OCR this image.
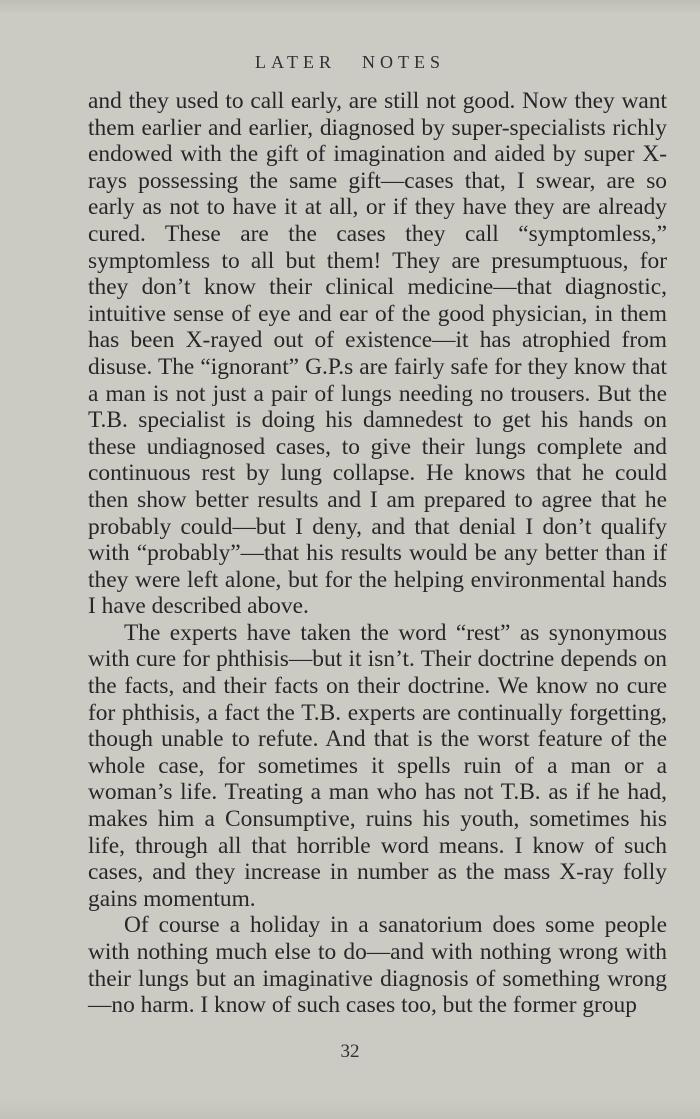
LATER NOTES

and they used to call early, are still not good. Now they want them earlier and earlier, diagnosed by super-specialists richly endowed with the gift of imagination and aided by super X-rays possessing the same gift—cases that, I swear, are so early as not to have it at all, or if they have they are already cured. These are the cases they call “symptomless,” symptomless to all but them! They are presumptuous, for they don’t know their clinical medicine—that diagnostic, intuitive sense of eye and ear of the good physician, in them has been X-rayed out of existence—it has atrophied from disuse. The “ignorant” G.P.s are fairly safe for they know that a man is not just a pair of lungs needing no trousers. But the T.B. specialist is doing his damnedest to get his hands on these undiagnosed cases, to give their lungs complete and continuous rest by lung collapse. He knows that he could then show better results and I am prepared to agree that he probably could—but I deny, and that denial I don’t qualify with “probably”—that his results would be any better than if they were left alone, but for the helping environmental hands I have described above.

The experts have taken the word “rest” as synonymous with cure for phthisis—but it isn’t. Their doctrine depends on the facts, and their facts on their doctrine. We know no cure for phthisis, a fact the T.B. experts are continually forgetting, though unable to refute. And that is the worst feature of the whole case, for sometimes it spells ruin of a man or a woman’s life. Treating a man who has not T.B. as if he had, makes him a Consumptive, ruins his youth, sometimes his life, through all that horrible word means. I know of such cases, and they increase in number as the mass X-ray folly gains momentum.

Of course a holiday in a sanatorium does some people with nothing much else to do—and with nothing wrong with their lungs but an imaginative diagnosis of something wrong —no harm. I know of such cases too, but the former group

32
